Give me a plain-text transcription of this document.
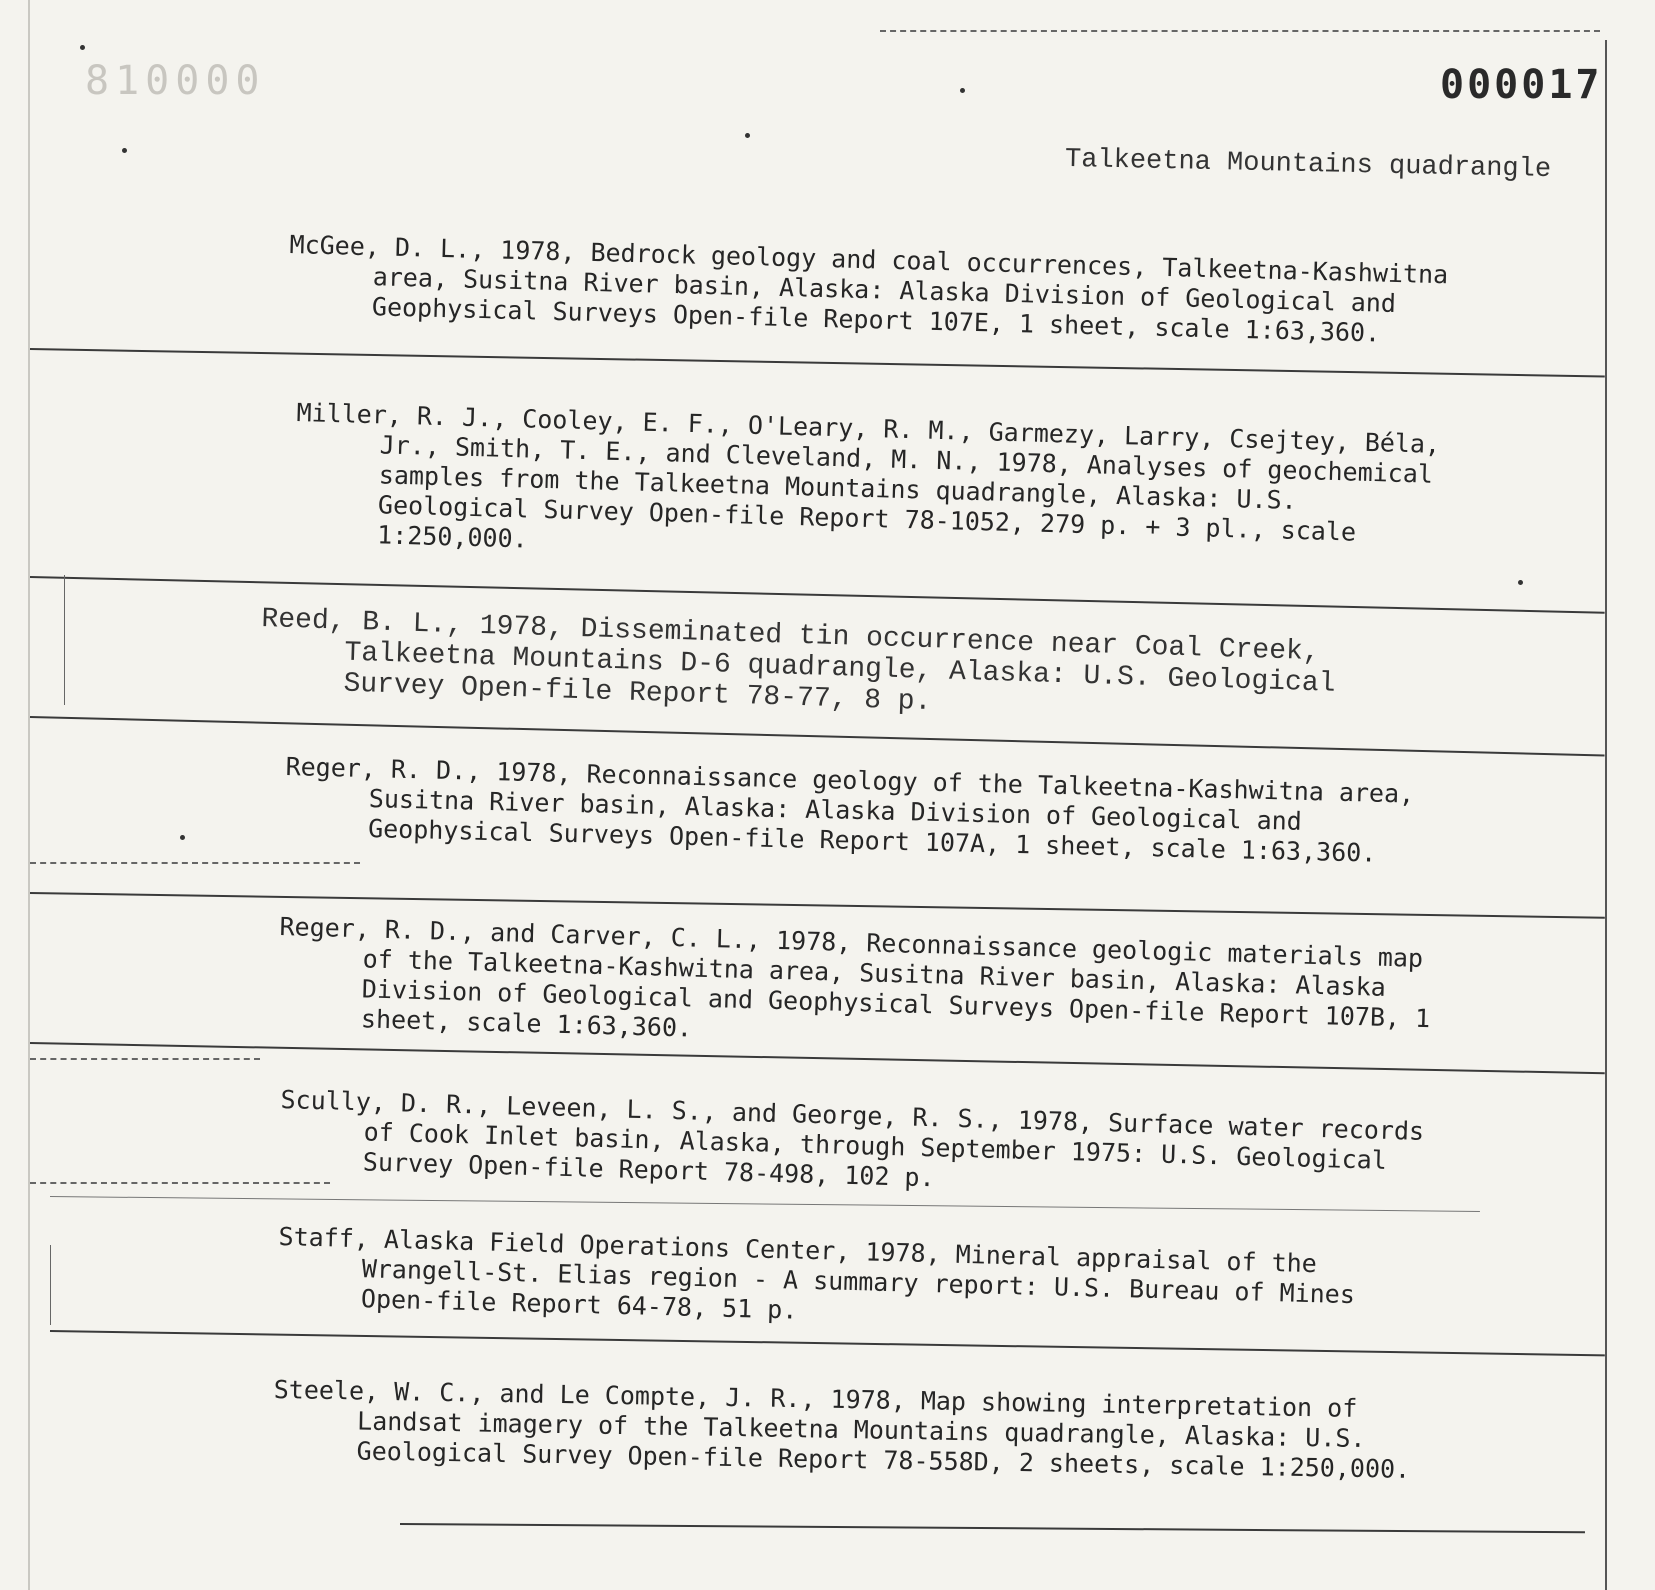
810000	000017
Talkeetna Mountains quadrangle

McGee, D. L., 1978, Bedrock geology and coal occurrences, Talkeetna-Kashwitna area, Susitna River basin, Alaska: Alaska Division of Geological and Geophysical Surveys Open-file Report 107E, 1 sheet, scale 1:63,360.

Miller, R. J., Cooley, E. F., O'Leary, R. M., Garmezy, Larry, Csejtey, Béla, Jr., Smith, T. E., and Cleveland, M. N., 1978, Analyses of geochemical samples from the Talkeetna Mountains quadrangle, Alaska: U.S. Geological Survey Open-file Report 78-1052, 279 p. + 3 pl., scale 1:250,000.

Reed, B. L., 1978, Disseminated tin occurrence near Coal Creek, Talkeetna Mountains D-6 quadrangle, Alaska: U.S. Geological Survey Open-file Report 78-77, 8 p.

Reger, R. D., 1978, Reconnaissance geology of the Talkeetna-Kashwitna area, Susitna River basin, Alaska: Alaska Division of Geological and Geophysical Surveys Open-file Report 107A, 1 sheet, scale 1:63,360.

Reger, R. D., and Carver, C. L., 1978, Reconnaissance geologic materials map of the Talkeetna-Kashwitna area, Susitna River basin, Alaska: Alaska Division of Geological and Geophysical Surveys Open-file Report 107B, 1 sheet, scale 1:63,360.

Scully, D. R., Leveen, L. S., and George, R. S., 1978, Surface water records of Cook Inlet basin, Alaska, through September 1975: U.S. Geological Survey Open-file Report 78-498, 102 p.

Staff, Alaska Field Operations Center, 1978, Mineral appraisal of the Wrangell-St. Elias region - A summary report: U.S. Bureau of Mines Open-file Report 64-78, 51 p.

Steele, W. C., and Le Compte, J. R., 1978, Map showing interpretation of Landsat imagery of the Talkeetna Mountains quadrangle, Alaska: U.S. Geological Survey Open-file Report 78-558D, 2 sheets, scale 1:250,000.
